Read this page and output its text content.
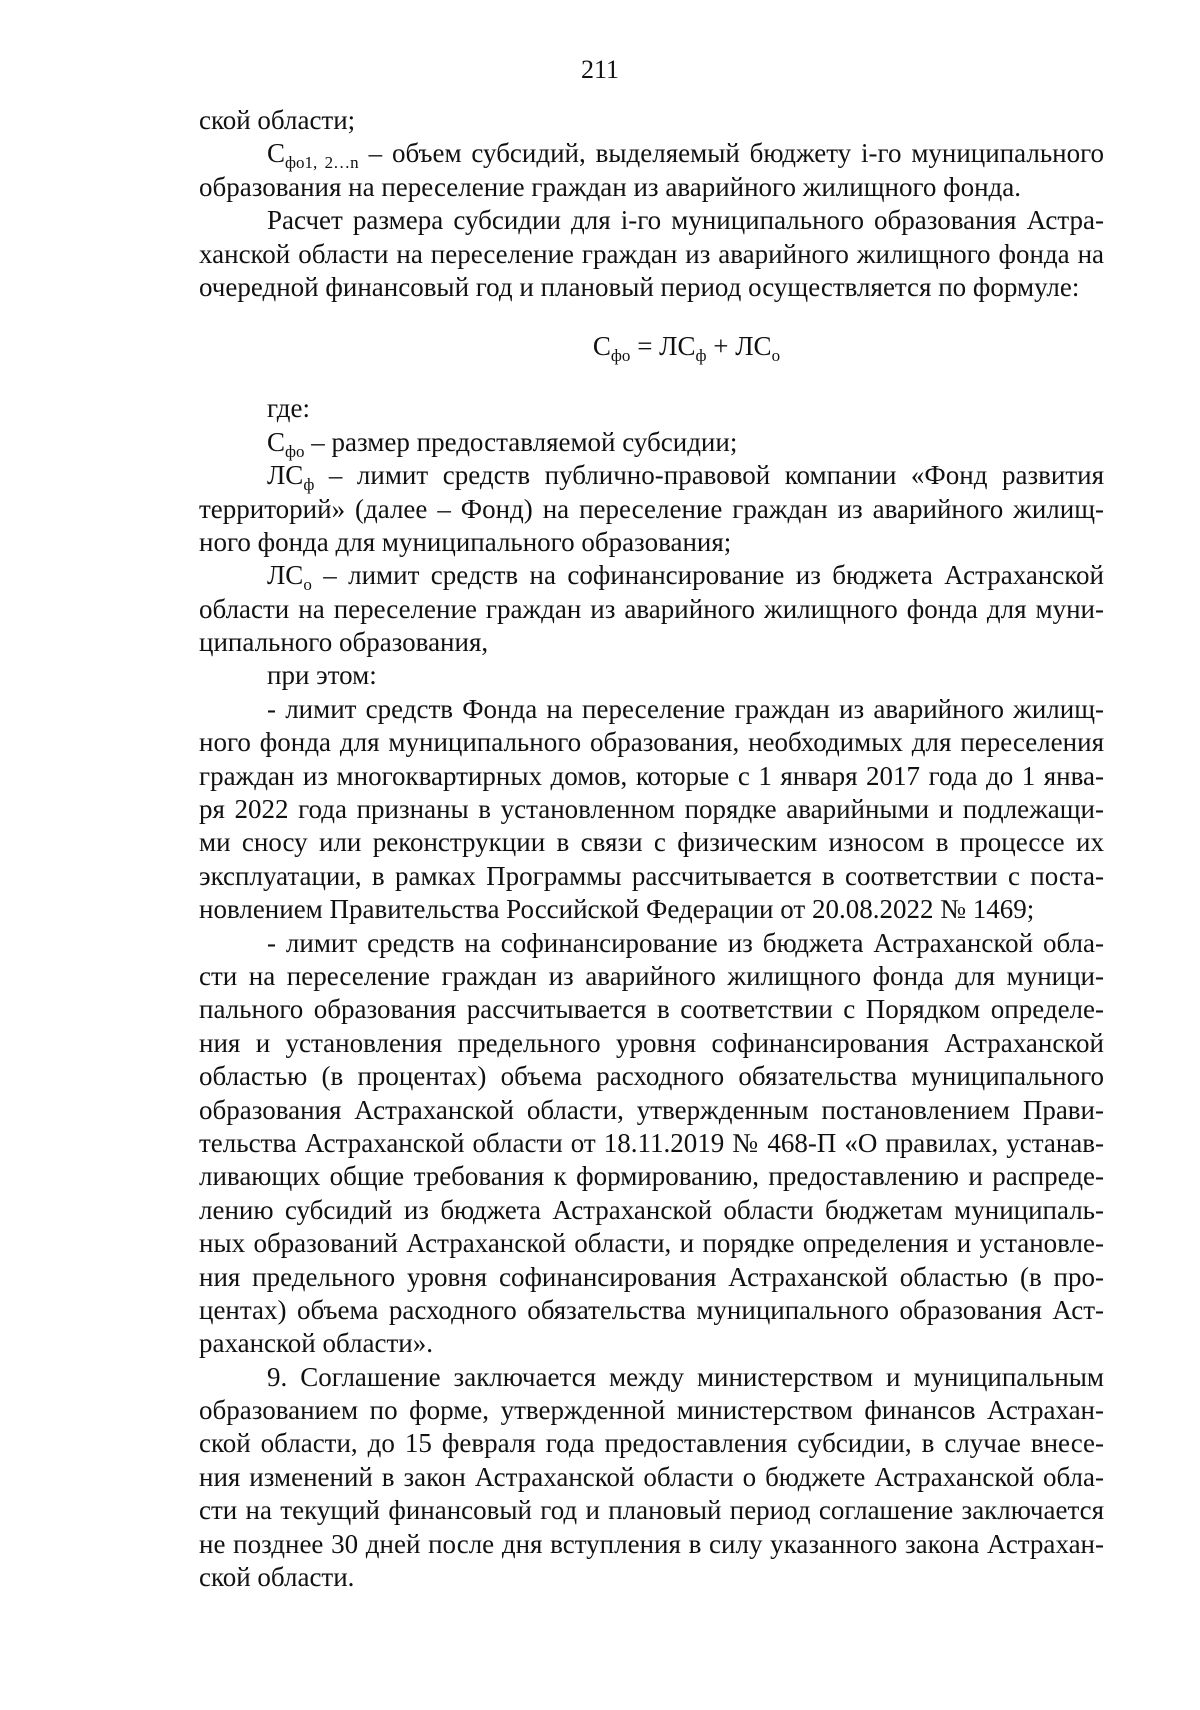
211
ской области;
$С_{фо1, 2\dots n}$ – объем субсидий, выделяемый бюджету i-го муниципального
образования на переселение граждан из аварийного жилищного фонда.
Расчет размера субсидии для i-го муниципального образования Астра-
ханской области на переселение граждан из аварийного жилищного фонда на
очередной финансовый год и плановый период осуществляется по формуле:
$С_{фо} = ЛС_ф + ЛС_о$
где:
$С_{фо}$ – размер предоставляемой субсидии;
$ЛС_ф$ – лимит средств публично-правовой компании «Фонд развития
территорий» (далее – Фонд) на переселение граждан из аварийного жилищ-
ного фонда для муниципального образования;
$ЛС_о$ – лимит средств на софинансирование из бюджета Астраханской
области на переселение граждан из аварийного жилищного фонда для муни-
ципального образования,
при этом:
- лимит средств Фонда на переселение граждан из аварийного жилищ-
ного фонда для муниципального образования, необходимых для переселения
граждан из многоквартирных домов, которые с 1 января 2017 года до 1 янва-
ря 2022 года признаны в установленном порядке аварийными и подлежащи-
ми сносу или реконструкции в связи с физическим износом в процессе их
эксплуатации, в рамках Программы рассчитывается в соответствии с поста-
новлением Правительства Российской Федерации от 20.08.2022 № 1469;
- лимит средств на софинансирование из бюджета Астраханской обла-
сти на переселение граждан из аварийного жилищного фонда для муници-
пального образования рассчитывается в соответствии с Порядком определе-
ния и установления предельного уровня софинансирования Астраханской
областью (в процентах) объема расходного обязательства муниципального
образования Астраханской области, утвержденным постановлением Прави-
тельства Астраханской области от 18.11.2019 № 468-П «О правилах, устанав-
ливающих общие требования к формированию, предоставлению и распреде-
лению субсидий из бюджета Астраханской области бюджетам муниципаль-
ных образований Астраханской области, и порядке определения и установле-
ния предельного уровня софинансирования Астраханской областью (в про-
центах) объема расходного обязательства муниципального образования Аст-
раханской области».
9. Соглашение заключается между министерством и муниципальным
образованием по форме, утвержденной министерством финансов Астрахан-
ской области, до 15 февраля года предоставления субсидии, в случае внесе-
ния изменений в закон Астраханской области о бюджете Астраханской обла-
сти на текущий финансовый год и плановый период соглашение заключается
не позднее 30 дней после дня вступления в силу указанного закона Астрахан-
ской области.
